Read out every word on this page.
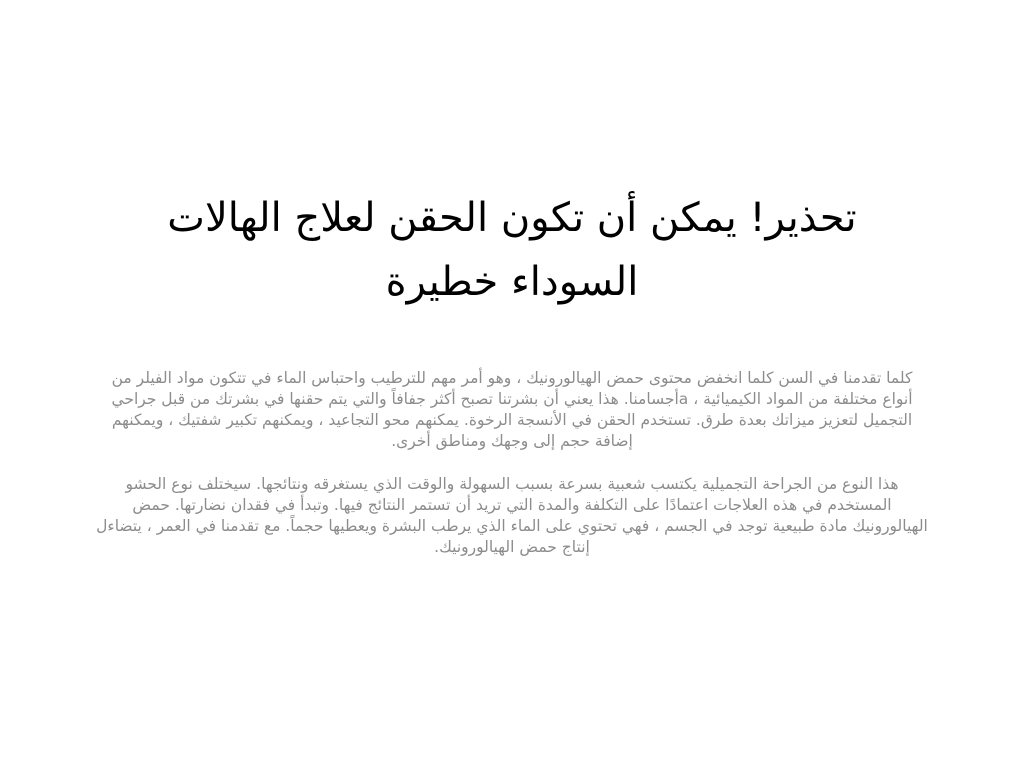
تحذير! يمكن أن تكون الحقن لعلاج الهالات
السوداء خطيرة

كلما تقدمنا في السن كلما انخفض محتوى حمض الهيالورونيك ، وهو أمر مهم للترطيب واحتباس الماء في تتكون مواد الفيلر من أنواع مختلفة من المواد الكيميائية ، aأجسامنا. هذا يعني أن بشرتنا تصبح أكثر جفافاً والتي يتم حقنها في بشرتك من قبل جراحي التجميل لتعزيز ميزاتك بعدة طرق. تستخدم الحقن في الأنسجة الرخوة. يمكنهم محو التجاعيد ، ويمكنهم تكبير شفتيك ، ويمكنهم إضافة حجم إلى وجهك ومناطق أخرى.

هذا النوع من الجراحة التجميلية يكتسب شعبية بسرعة بسبب السهولة والوقت الذي يستغرقه ونتائجها. سيختلف نوع الحشو المستخدم في هذه العلاجات اعتمادًا على التكلفة والمدة التي تريد أن تستمر النتائج فيها. وتبدأ في فقدان نضارتها. حمض الهيالورونيك مادة طبيعية توجد في الجسم ، فهي تحتوي على الماء الذي يرطب البشرة ويعطيها حجماً. مع تقدمنا في العمر ، يتضاءل إنتاج حمض الهيالورونيك.
